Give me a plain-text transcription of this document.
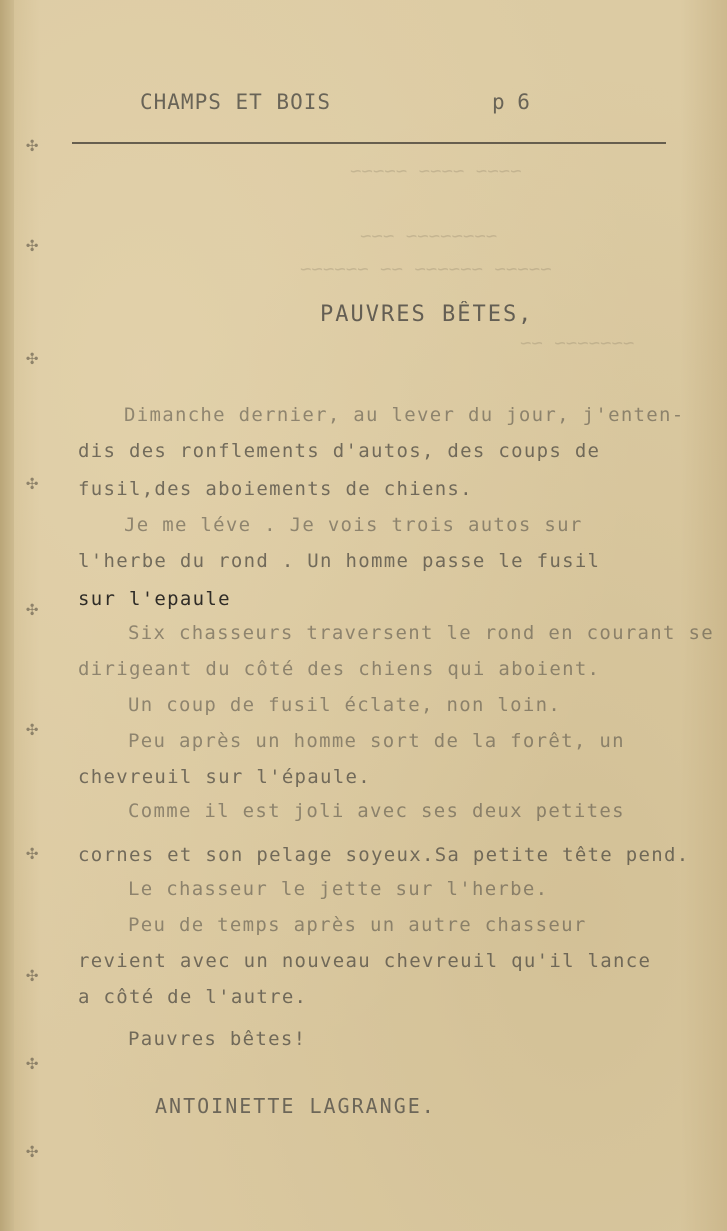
✣
✣
✣
✣
✣
✣
✣
✣
✣
✣
CHAMPS ET BOIS	p 6
~~~~ ~~~~ ~~~~~
~~~~~~~~ ~~~
~~~~~ ~~~~~~ ~~ ~~~~~~
~~~~~~~ ~~
PAUVRES BÊTES,
Dimanche dernier, au lever du jour, j'enten-
dis des ronflements d'autos, des coups de
fusil,des aboiements de chiens.
Je me léve . Je vois trois autos sur
l'herbe du rond . Un homme passe le fusil
sur l'epaule
Six chasseurs traversent le rond en courant se
dirigeant du côté des chiens qui aboient.
Un coup de fusil éclate, non loin.
Peu après un homme sort de la forêt, un
chevreuil sur l'épaule.
Comme il est joli avec ses deux petites
cornes et son pelage soyeux.Sa petite tête pend.
Le chasseur le jette sur l'herbe.
Peu de temps après un autre chasseur
revient avec un nouveau chevreuil qu'il lance
a côté de l'autre.
Pauvres bêtes!
ANTOINETTE LAGRANGE.
